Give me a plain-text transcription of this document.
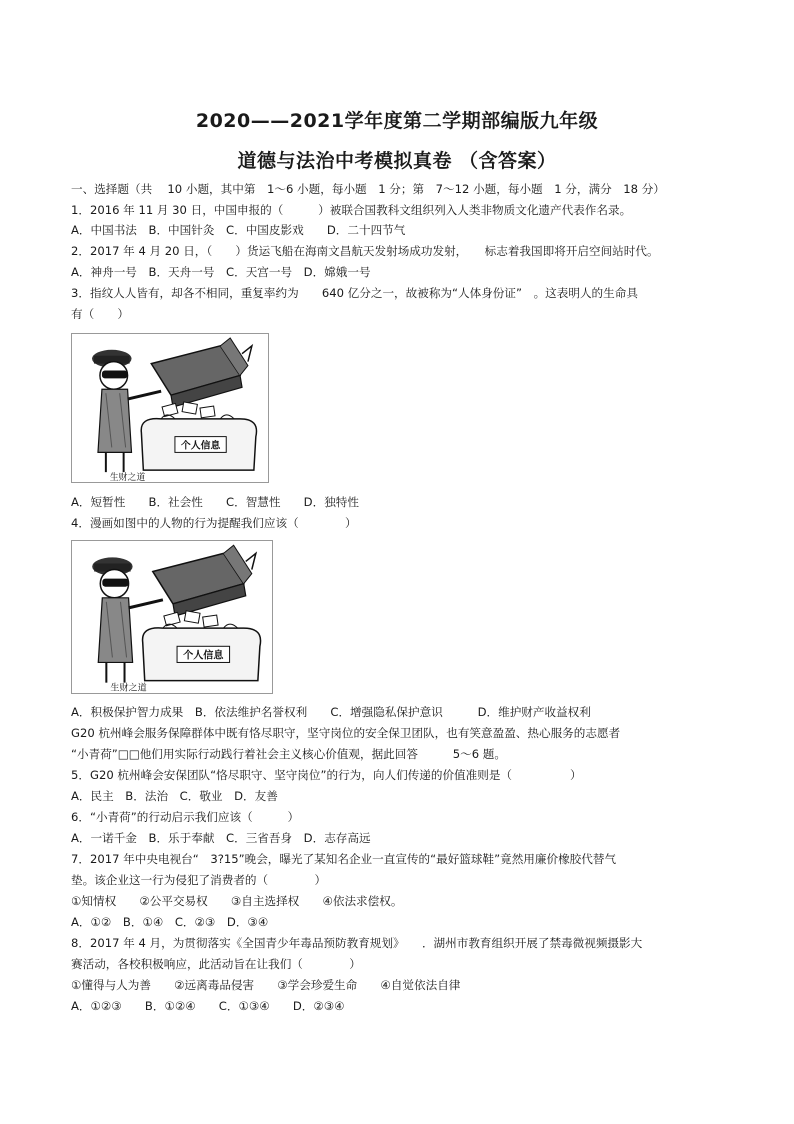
2020——2021学年度第二学期部编版九年级
道德与法治中考模拟真卷 （含答案）
一、选择题（共　 10 小题，其中第　1～6 小题，每小题　1 分；第　7～12 小题，每小题　1 分，满分　18 分）
1．2016 年 11 月 30 日，中国申报的（　　　）被联合国教科文组织列入人类非物质文化遗产代表作名录。
A．中国书法　B．中国针灸　C．中国皮影戏　　D．二十四节气
2．2017 年 4 月 20 日，（　　）货运飞船在海南文昌航天发射场成功发射，　　标志着我国即将开启空间站时代。
A．神舟一号　B．天舟一号　C．天宫一号　D．嫦娥一号
3．指纹人人皆有，却各不相同，重复率约为　　640 亿分之一，故被称为“人体身份证”　。这表明人的生命具
有（　　）
个人信息
生财之道
A．短暂性　　B．社会性　　C．智慧性　　D．独特性
4．漫画如图中的人物的行为提醒我们应该（　　　　）
个人信息
生财之道
A．积极保护智力成果　B．依法维护名誉权利　　C．增强隐私保护意识　　　D．维护财产收益权利
G20 杭州峰会服务保障群体中既有恪尽职守，坚守岗位的安全保卫团队，也有笑意盈盈、热心服务的志愿者
“小青荷”□□他们用实际行动践行着社会主义核心价值观，据此回答　　　5～6 题。
5．G20 杭州峰会安保团队“恪尽职守、坚守岗位”的行为，向人们传递的价值准则是（　　　　　）
A．民主　B．法治　C．敬业　D．友善
6．“小青荷”的行动启示我们应该（　　　）
A．一诺千金　B．乐于奉献　C．三省吾身　D．志存高远
7．2017 年中央电视台“　3?15”晚会，曝光了某知名企业一直宣传的“最好篮球鞋”竟然用廉价橡胶代替气
垫。该企业这一行为侵犯了消费者的（　　　　）
①知情权　　②公平交易权　　③自主选择权　　④依法求偿权。
A．①②　B．①④　C．②③　D．③④
8．2017 年 4 月，为贯彻落实《全国青少年毒品预防教育规划》　　．湖州市教育组织开展了禁毒微视频摄影大
赛活动，各校积极响应，此活动旨在让我们（　　　　）
①懂得与人为善　　②远离毒品侵害　　③学会珍爱生命　　④自觉依法自律
A．①②③　　B．①②④　　C．①③④　　D．②③④
